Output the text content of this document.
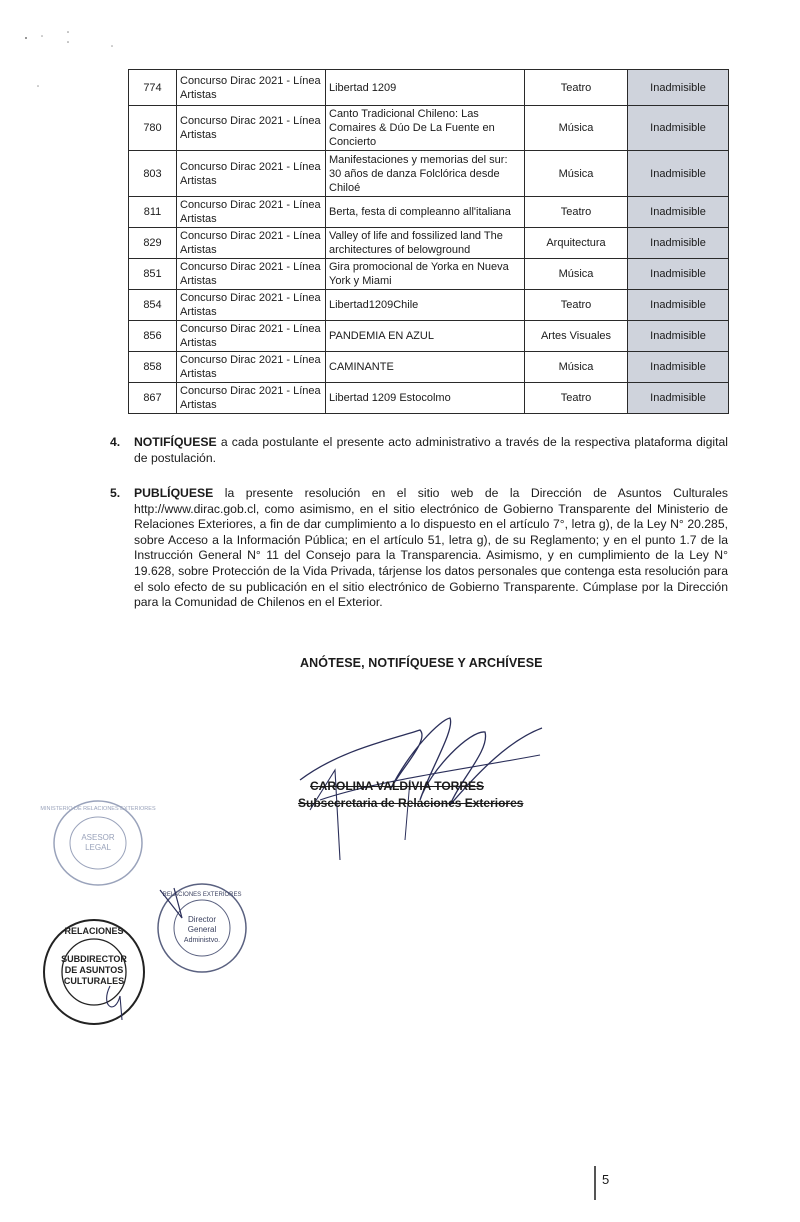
774	Concurso Dirac 2021 - Línea Artistas	Libertad 1209	Teatro	Inadmisible
780	Concurso Dirac 2021 - Línea Artistas	Canto Tradicional Chileno: Las Comaires & Dúo De La Fuente en Concierto	Música	Inadmisible
803	Concurso Dirac 2021 - Línea Artistas	Manifestaciones y memorias del sur: 30 años de danza Folclórica desde Chiloé	Música	Inadmisible
811	Concurso Dirac 2021 - Línea Artistas	Berta, festa di compleanno all'italiana	Teatro	Inadmisible
829	Concurso Dirac 2021 - Línea Artistas	Valley of life and fossilized land The architectures of belowground	Arquitectura	Inadmisible
851	Concurso Dirac 2021 - Línea Artistas	Gira promocional de Yorka en Nueva York y Miami	Música	Inadmisible
854	Concurso Dirac 2021 - Línea Artistas	Libertad1209Chile	Teatro	Inadmisible
856	Concurso Dirac 2021 - Línea Artistas	PANDEMIA EN AZUL	Artes Visuales	Inadmisible
858	Concurso Dirac 2021 - Línea Artistas	CAMINANTE	Música	Inadmisible
867	Concurso Dirac 2021 - Línea Artistas	Libertad 1209 Estocolmo	Teatro	Inadmisible
4. NOTIFÍQUESE a cada postulante el presente acto administrativo a través de la respectiva plataforma digital de postulación.
5. PUBLÍQUESE la presente resolución en el sitio web de la Dirección de Asuntos Culturales http://www.dirac.gob.cl, como asimismo, en el sitio electrónico de Gobierno Transparente del Ministerio de Relaciones Exteriores, a fin de dar cumplimiento a lo dispuesto en el artículo 7°, letra g), de la Ley N° 20.285, sobre Acceso a la Información Pública; en el artículo 51, letra g), de su Reglamento; y en el punto 1.7 de la Instrucción General N° 11 del Consejo para la Transparencia. Asimismo, y en cumplimiento de la Ley N° 19.628, sobre Protección de la Vida Privada, tárjense los datos personales que contenga esta resolución para el solo efecto de su publicación en el sitio electrónico de Gobierno Transparente. Cúmplase por la Dirección para la Comunidad de Chilenos en el Exterior.
ANÓTESE, NOTIFÍQUESE Y ARCHÍVESE
CAROLINA VALDIVIA TORRES
Subsecretaria de Relaciones Exteriores
ASESOR
LEGAL
MINISTERIO DE RELACIONES EXTERIORES
Director
General
Administvo.
RELACIONES EXTERIORES
SUBDIRECTOR
DE ASUNTOS
CULTURALES
RELACIONES
5
